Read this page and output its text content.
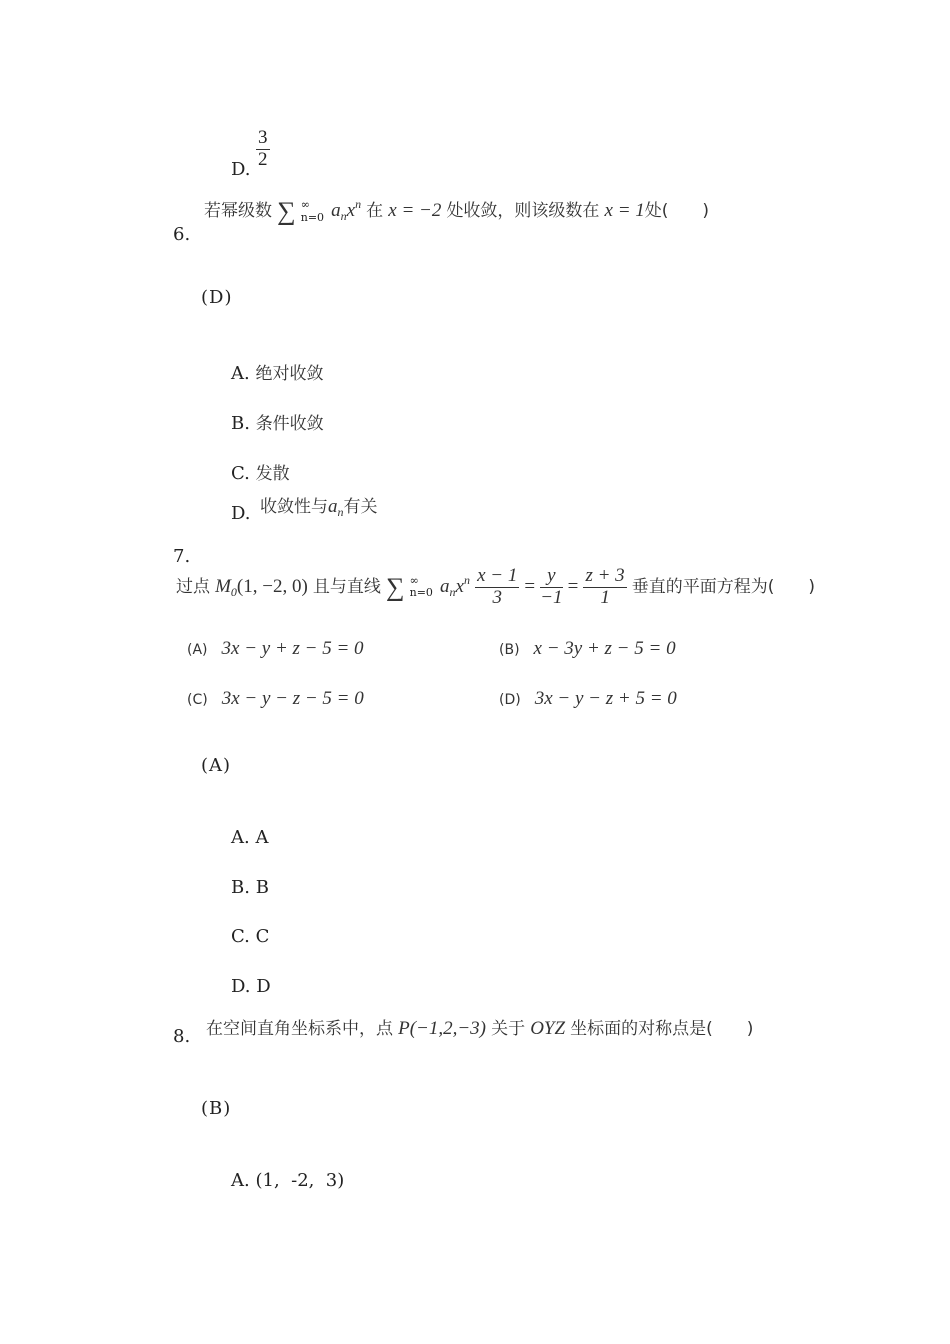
$\frac{3}{2}$
D.
6.
若幂级数 ∑ ∞
n=0 $a_nx^n$ 在 x = −2 处收敛，则该级数在 x = 1处(　　)
(D)
A. 绝对收敛
B. 条件收敛
C. 发散
D. 收敛性与$a_n$有关
7.
过点 $M_0(1$, −2, 0) 且与直线 ∑ ∞
n=0 $a_nx^n \frac{x - 1}{3} = \frac{y}{-1} = \frac{z + 3}{1}$ 垂直的平面方程为(　　)
(A) 3x − y + z − 5 = 0	(B) x − 3y + z − 5 = 0
(C) 3x − y − z − 5 = 0	(D) 3x − y − z + 5 = 0
(A)
A. A
B. B
C. C
D. D
8. 在空间直角坐标系中，点 P(−1,2,−3) 关于 OYZ 坐标面的对称点是(　　)
(B)
A. (1,  -2,  3)
